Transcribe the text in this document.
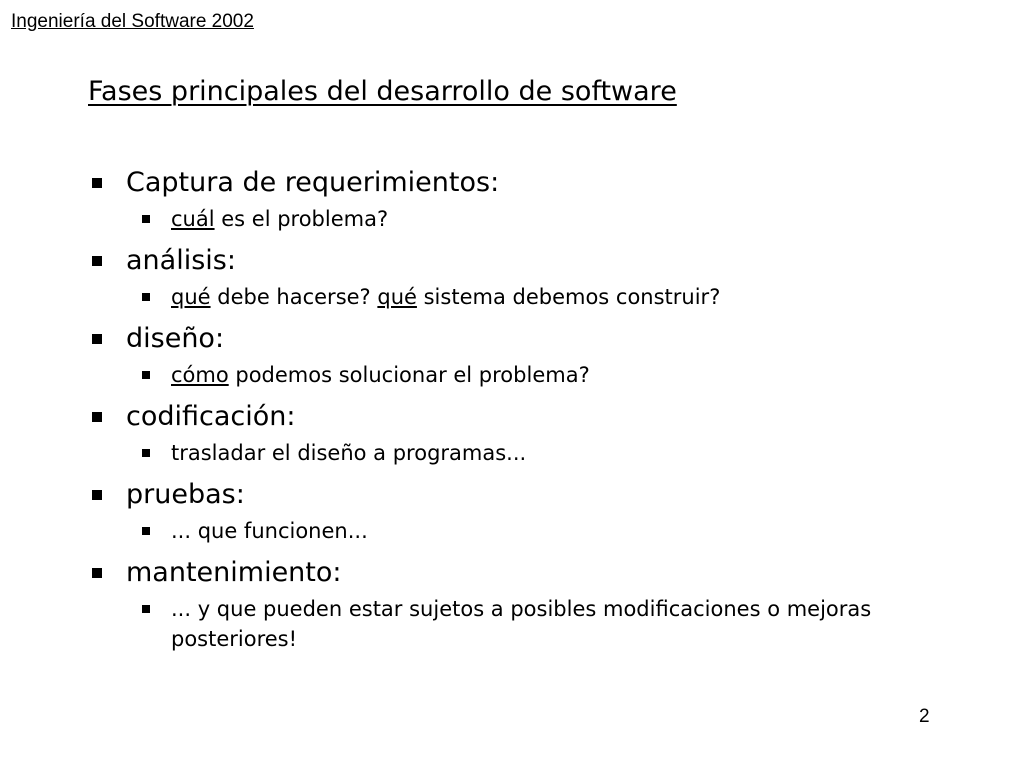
Ingeniería del Software 2002
Fases principales del desarrollo de software
Captura de requerimientos:
cuál es el problema?
análisis:
qué debe hacerse? qué sistema debemos construir?
diseño:
cómo podemos solucionar el problema?
codificación:
trasladar el diseño a programas...
pruebas:
... que funcionen...
mantenimiento:
... y que pueden estar sujetos a posibles modificaciones o mejoras posteriores!
2
